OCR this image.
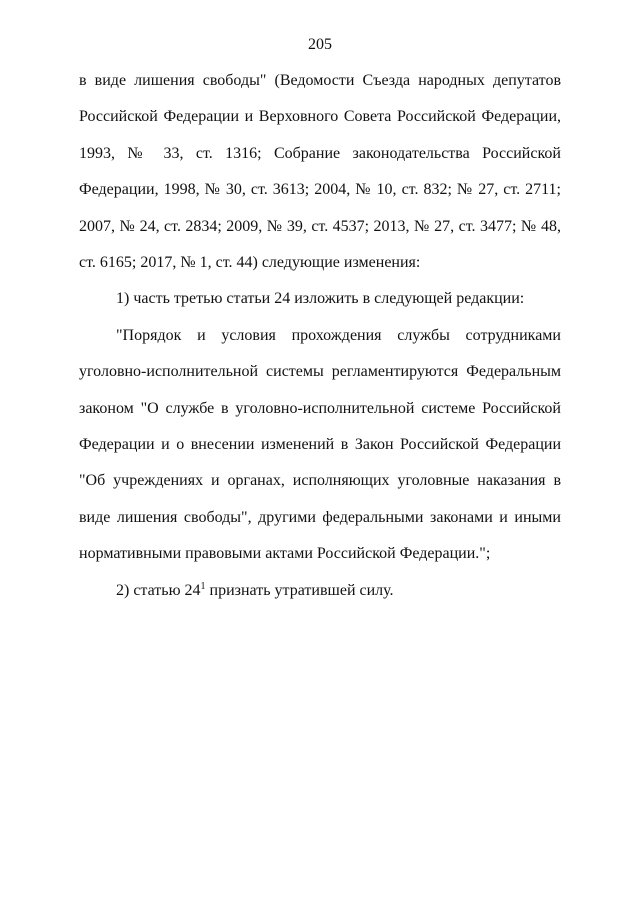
205

в виде лишения свободы" (Ведомости Съезда народных депутатов Российской Федерации и Верховного Совета Российской Федерации, 1993, № 33, ст. 1316; Собрание законодательства Российской Федерации, 1998, № 30, ст. 3613; 2004, № 10, ст. 832; № 27, ст. 2711; 2007, № 24, ст. 2834; 2009, № 39, ст. 4537; 2013, № 27, ст. 3477; № 48, ст. 6165; 2017, № 1, ст. 44) следующие изменения:

1) часть третью статьи 24 изложить в следующей редакции:

"Порядок и условия прохождения службы сотрудниками уголовно-исполнительной системы регламентируются Федеральным законом "О службе в уголовно-исполнительной системе Российской Федерации и о внесении изменений в Закон Российской Федерации "Об учреждениях и органах, исполняющих уголовные наказания в виде лишения свободы", другими федеральными законами и иными нормативными правовыми актами Российской Федерации.";

2) статью $24^1$ признать утратившей силу.
